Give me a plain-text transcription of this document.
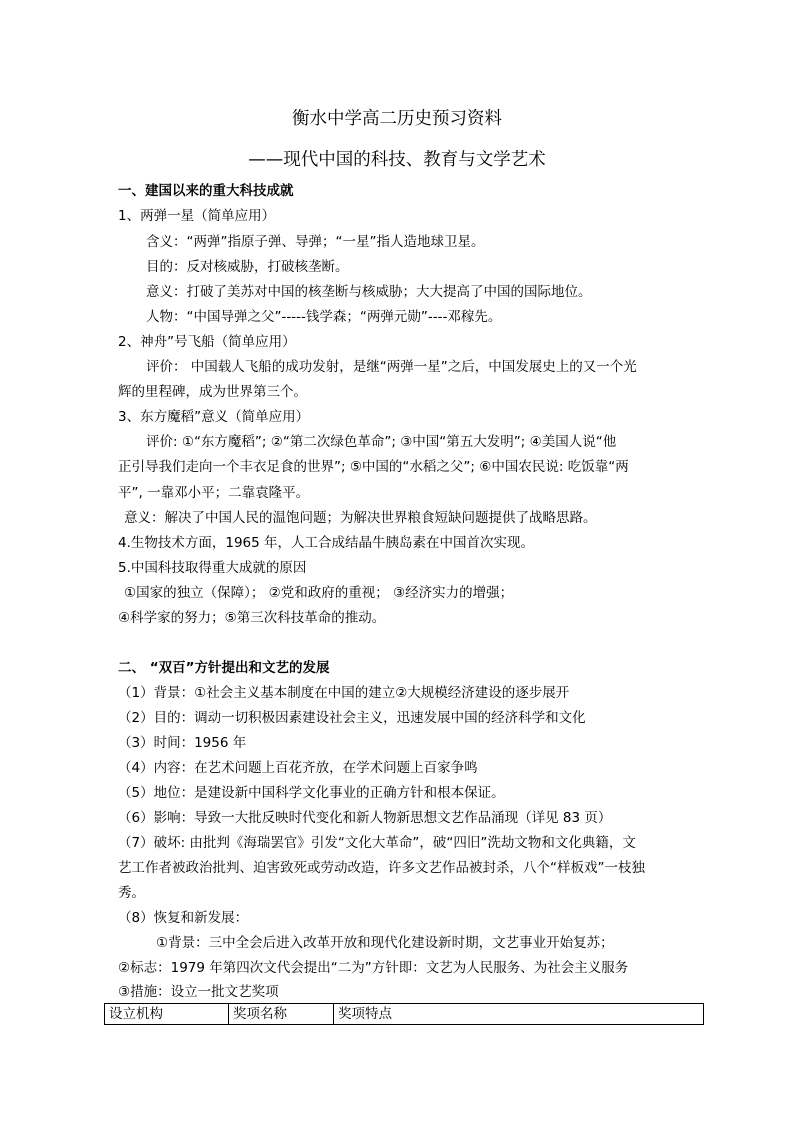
衡水中学高二历史预习资料
——现代中国的科技、教育与文学艺术
一、建国以来的重大科技成就
1、两弹一星（简单应用）
含义：“两弹”指原子弹、导弹；“一星”指人造地球卫星。
目的：反对核威胁，打破核垄断。
意义：打破了美苏对中国的核垄断与核威胁；大大提高了中国的国际地位。
人物：“中国导弹之父”-----钱学森；“两弹元勋”----邓稼先。
2、神舟”号飞船（简单应用）
评价： 中国载人飞船的成功发射，是继“两弹一星”之后，中国发展史上的又一个光
辉的里程碑，成为世界第三个。
3、东方魔稻”意义（简单应用）
评价: ①“东方魔稻”; ②“第二次绿色革命”; ③中国“第五大发明”; ④美国人说“他
正引导我们走向一个丰衣足食的世界”; ⑤中国的“水稻之父”; ⑥中国农民说: 吃饭靠“两
平”, 一靠邓小平；二靠袁隆平。
意义：解决了中国人民的温饱问题；为解决世界粮食短缺问题提供了战略思路。
4.生物技术方面，1965 年，人工合成结晶牛胰岛素在中国首次实现。
5.中国科技取得重大成就的原因
①国家的独立（保障）； ②党和政府的重视； ③经济实力的增强；
④科学家的努力；⑤第三次科技革命的推动。
二、 “双百”方针提出和文艺的发展
（1）背景：①社会主义基本制度在中国的建立②大规模经济建设的逐步展开
（2）目的：调动一切积极因素建设社会主义，迅速发展中国的经济科学和文化
（3）时间：1956 年
（4）内容：在艺术问题上百花齐放，在学术问题上百家争鸣
（5）地位：是建设新中国科学文化事业的正确方针和根本保证。
（6）影响：导致一大批反映时代变化和新人物新思想文艺作品涌现（详见 83 页）
（7）破坏: 由批判《海瑞罢官》引发“文化大革命”，破“四旧”洗劫文物和文化典籍，文
艺工作者被政治批判、迫害致死或劳动改造，许多文艺作品被封杀，八个“样板戏”一枝独
秀。
（8）恢复和新发展：
①背景：三中全会后进入改革开放和现代化建设新时期，文艺事业开始复苏；
②标志：1979 年第四次文代会提出“二为”方针即：文艺为人民服务、为社会主义服务
③措施：设立一批文艺奖项
设立机构	奖项名称	奖项特点
